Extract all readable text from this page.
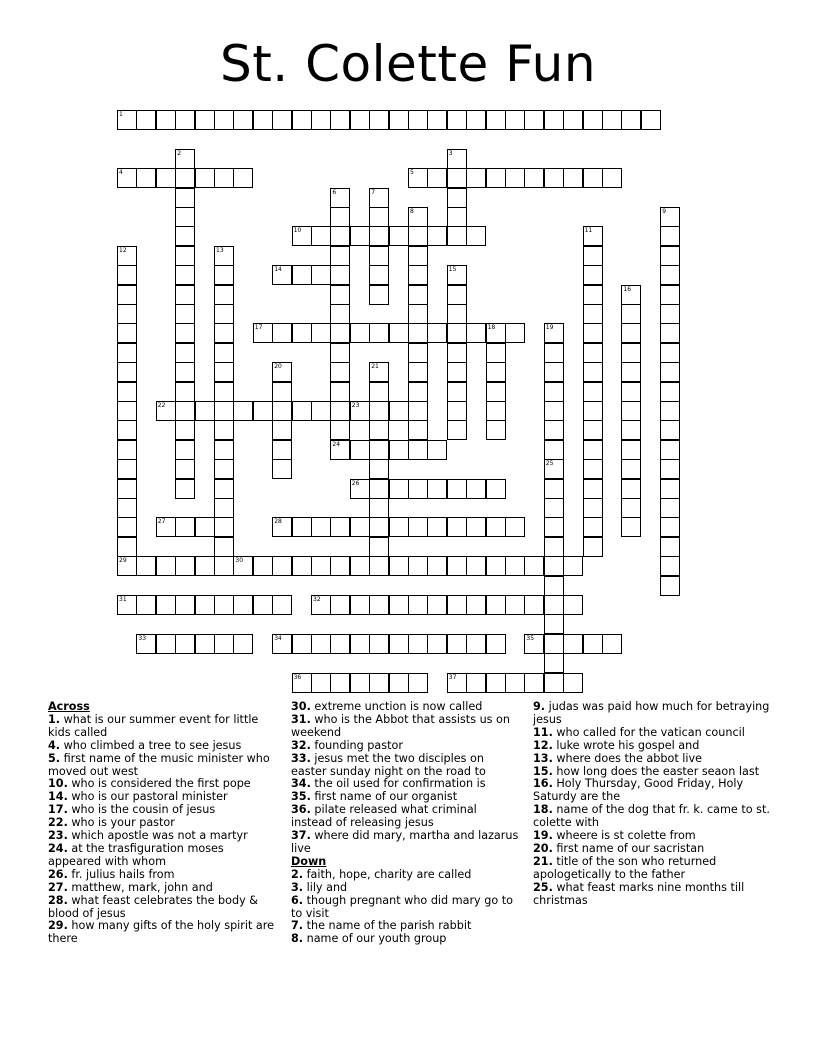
St. Colette Fun
1
4	5
10
14
17	18
22	23
24
26
27	28
29	30
31	32
33	34	35
36	37
2	3
6	7
8	9
11
12	13
15
16
19
25
20	21
Across
1. what is our summer event for little kids called
4. who climbed a tree to see jesus
5. first name of the music minister who moved out west
10. who is considered the first pope
14. who is our pastoral minister
17. who is the cousin of jesus
22. who is your pastor
23. which apostle was not a martyr
24. at the trasfiguration moses appeared with whom
26. fr. julius hails from
27. matthew, mark, john and
28. what feast celebrates the body & blood of jesus
29. how many gifts of the holy spirit are there
30. extreme unction is now called
31. who is the Abbot that assists us on weekend
32. founding pastor
33. jesus met the two disciples on easter sunday night on the road to
34. the oil used for confirmation is
35. first name of our organist
36. pilate released what criminal instead of releasing jesus
37. where did mary, martha and lazarus live
Down
2. faith, hope, charity are called
3. lily and
6. though pregnant who did mary go to to visit
7. the name of the parish rabbit
8. name of our youth group
9. judas was paid how much for betraying jesus
11. who called for the vatican council
12. luke wrote his gospel and
13. where does the abbot live
15. how long does the easter seaon last
16. Holy Thursday, Good Friday, Holy Saturdy are the
18. name of the dog that fr. k. came to st. colette with
19. wheere is st colette from
20. first name of our sacristan
21. title of the son who returned apologetically to the father
25. what feast marks nine months till christmas
